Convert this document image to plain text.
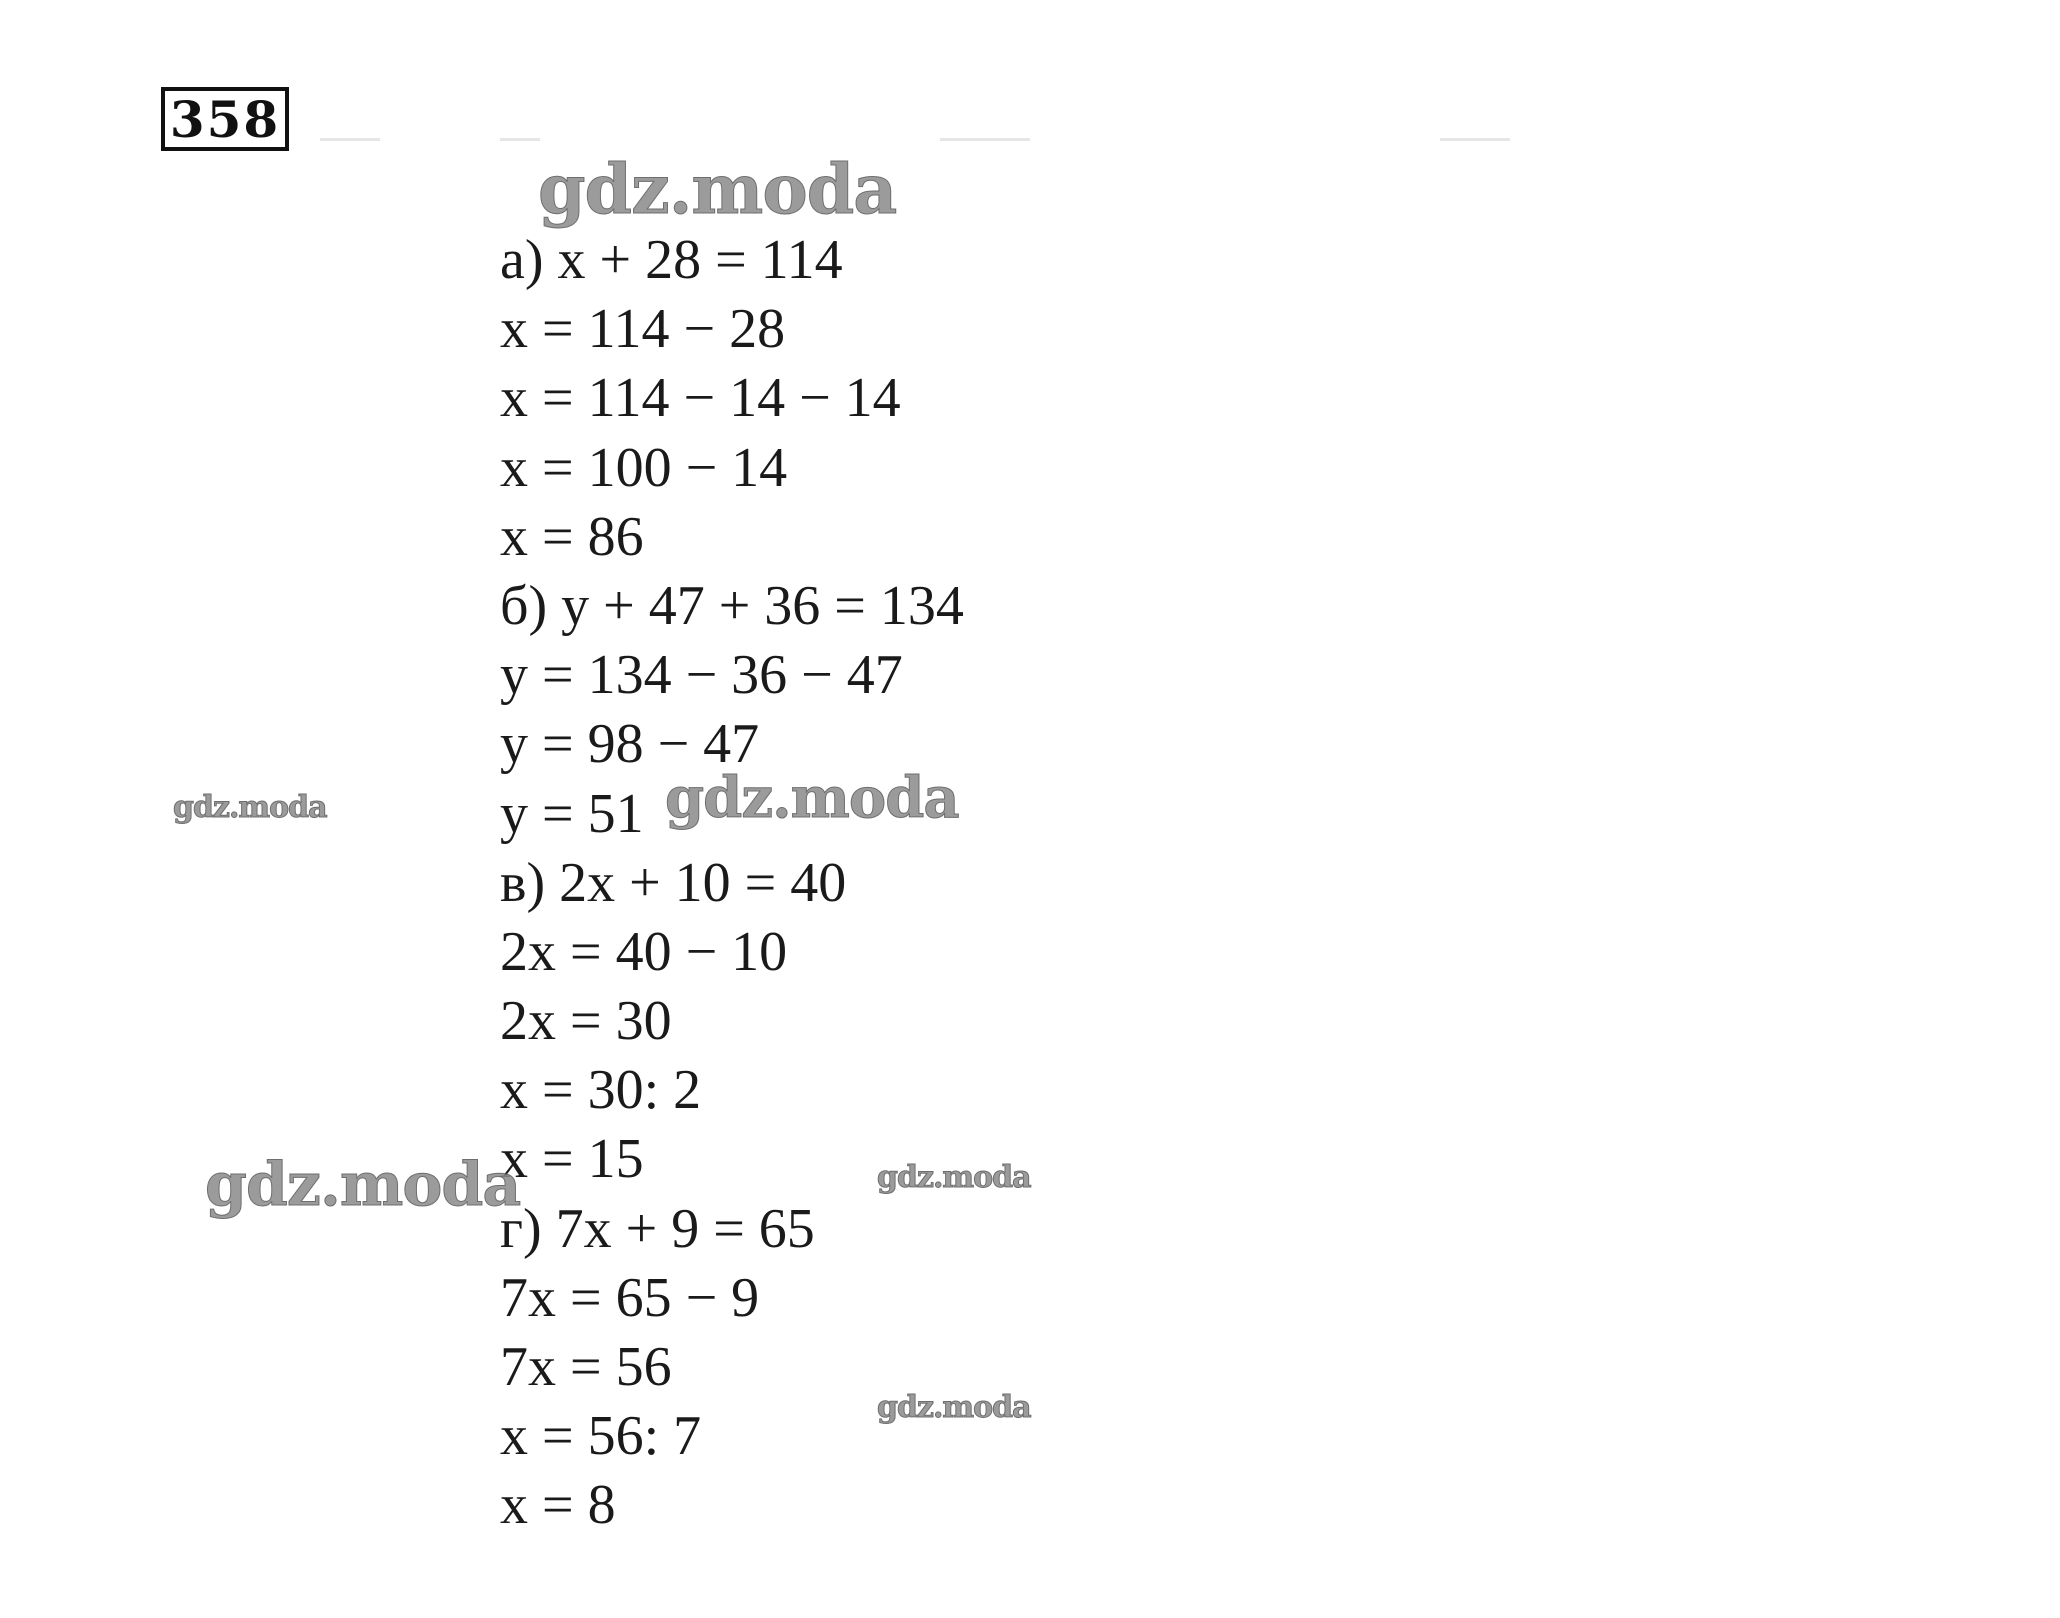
358
а) x + 28 = 114
x = 114 − 28
x = 114 − 14 − 14
x = 100 − 14
x = 86
б) y + 47 + 36 = 134
y = 134 − 36 − 47
y = 98 − 47
y = 51
в) 2x + 10 = 40
2x = 40 − 10
2x = 30
x = 30: 2
x = 15
г) 7x + 9 = 65
7x = 65 − 9
7x = 56
x = 56: 7
x = 8
gdz.moda
gdz.moda	gdz.moda
gdz.moda	gdz.moda
gdz.moda
